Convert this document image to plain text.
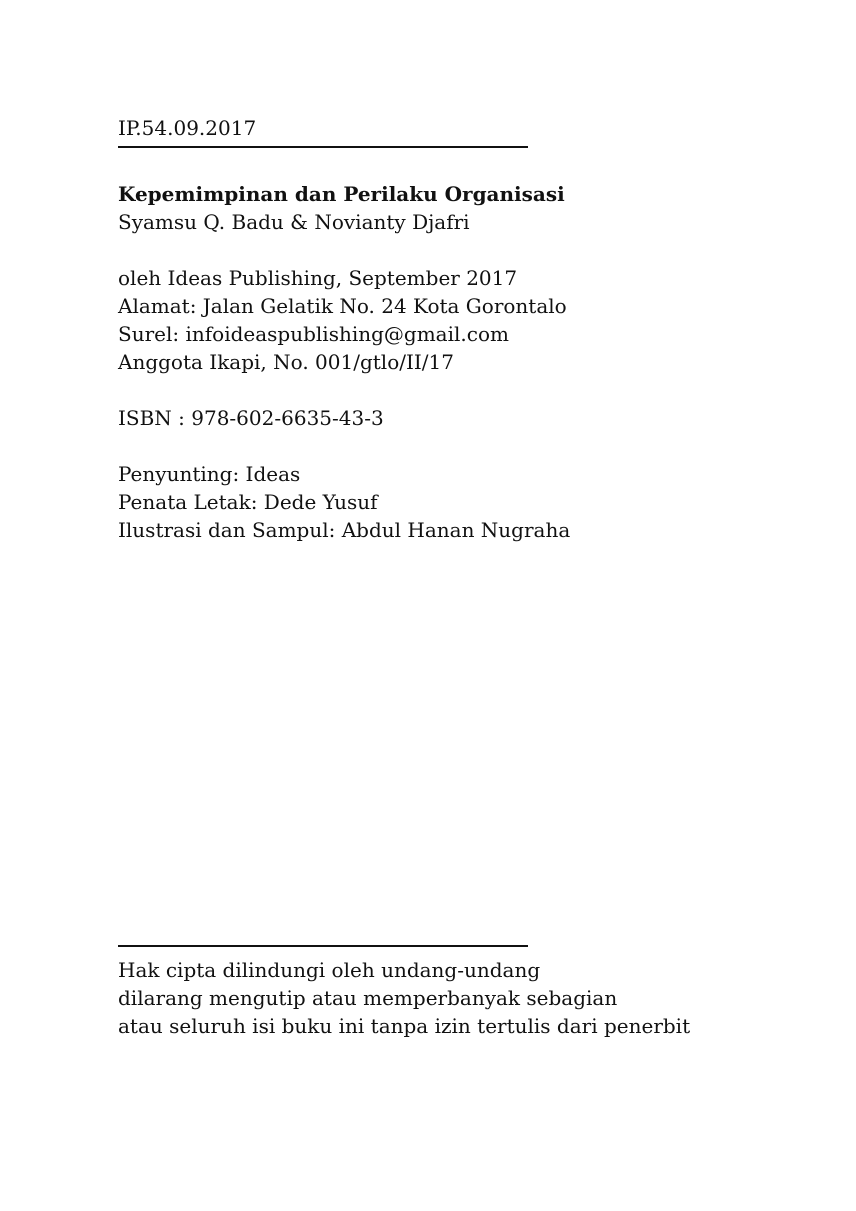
IP.54.09.2017
Kepemimpinan dan Perilaku Organisasi
Syamsu Q. Badu & Novianty Djafri
oleh Ideas Publishing, September 2017
Alamat: Jalan Gelatik No. 24 Kota Gorontalo
Surel: infoideaspublishing@gmail.com
Anggota Ikapi, No. 001/gtlo/II/17
ISBN : 978-602-6635-43-3
Penyunting: Ideas
Penata Letak: Dede Yusuf
Ilustrasi dan Sampul: Abdul Hanan Nugraha
Hak cipta dilindungi oleh undang-undang
dilarang mengutip atau memperbanyak sebagian
atau seluruh isi buku ini tanpa izin tertulis dari penerbit
